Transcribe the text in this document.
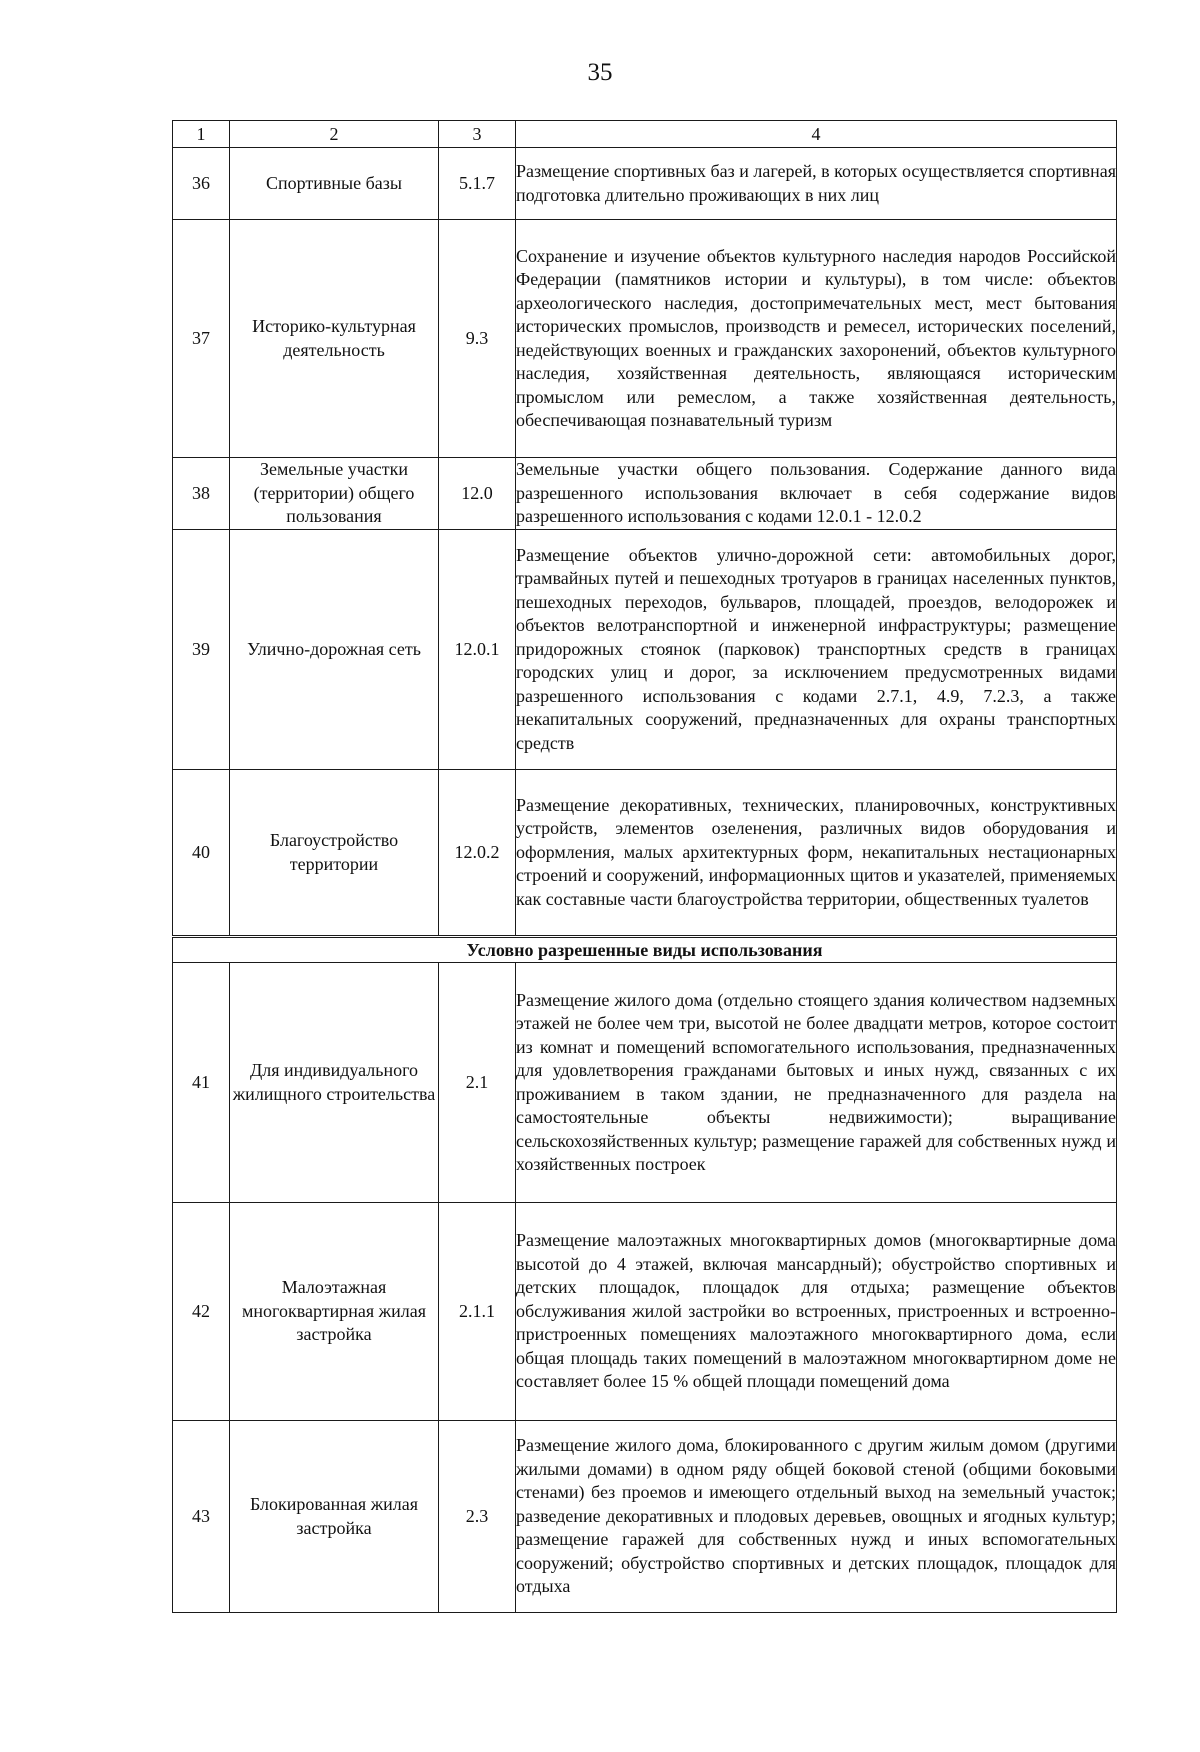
35
1	2	3	4
36	Спортивные базы	5.1.7	Размещение спортивных баз и лагерей, в которых осуществляется спортивная подготовка длительно проживающих в них лиц
37	Историко-культурная деятельность	9.3	Сохранение и изучение объектов культурного наследия народов Российской Федерации (памятников истории и культуры), в том числе: объектов археологического наследия, достопримечательных мест, мест бытования исторических промыслов, производств и ремесел, исторических поселений, недействующих военных и гражданских захоронений, объектов культурного наследия, хозяйственная деятельность, являющаяся историческим промыслом или ремеслом, а также хозяйственная деятельность, обеспечивающая познавательный туризм
38	Земельные участки (территории) общего пользования	12.0	Земельные участки общего пользования. Содержание данного вида разрешенного использования включает в себя содержание видов разрешенного использования с кодами 12.0.1 - 12.0.2
39	Улично-дорожная сеть	12.0.1	Размещение объектов улично-дорожной сети: автомобильных дорог, трамвайных путей и пешеходных тротуаров в границах населенных пунктов, пешеходных переходов, бульваров, площадей, проездов, велодорожек и объектов велотранспортной и инженерной инфраструктуры; размещение придорожных стоянок (парковок) транспортных средств в границах городских улиц и дорог, за исключением предусмотренных видами разрешенного использования с кодами 2.7.1, 4.9, 7.2.3, а также некапитальных сооружений, предназначенных для охраны транспортных средств
40	Благоустройство территории	12.0.2	Размещение декоративных, технических, планировочных, конструктивных устройств, элементов озеленения, различных видов оборудования и оформления, малых архитектурных форм, некапитальных нестационарных строений и сооружений, информационных щитов и указателей, применяемых как составные части благоустройства территории, общественных туалетов
Условно разрешенные виды использования			
41	Для индивидуального жилищного строительства	2.1	Размещение жилого дома (отдельно стоящего здания количеством надземных этажей не более чем три, высотой не более двадцати метров, которое состоит из комнат и помещений вспомогательного использования, предназначенных для удовлетворения гражданами бытовых и иных нужд, связанных с их проживанием в таком здании, не предназначенного для раздела на самостоятельные объекты недвижимости); выращивание сельскохозяйственных культур; размещение гаражей для собственных нужд и хозяйственных построек
42	Малоэтажная многоквартирная жилая застройка	2.1.1	Размещение малоэтажных многоквартирных домов (многоквартирные дома высотой до 4 этажей, включая мансардный); обустройство спортивных и детских площадок, площадок для отдыха; размещение объектов обслуживания жилой застройки во встроенных, пристроенных и встроенно-пристроенных помещениях малоэтажного многоквартирного дома, если общая площадь таких помещений в малоэтажном многоквартирном доме не составляет более 15 % общей площади помещений дома
43	Блокированная жилая застройка	2.3	Размещение жилого дома, блокированного с другим жилым домом (другими жилыми домами) в одном ряду общей боковой стеной (общими боковыми стенами) без проемов и имеющего отдельный выход на земельный участок; разведение декоративных и плодовых деревьев, овощных и ягодных культур; размещение гаражей для собственных нужд и иных вспомогательных сооружений; обустройство спортивных и детских площадок, площадок для отдыха
